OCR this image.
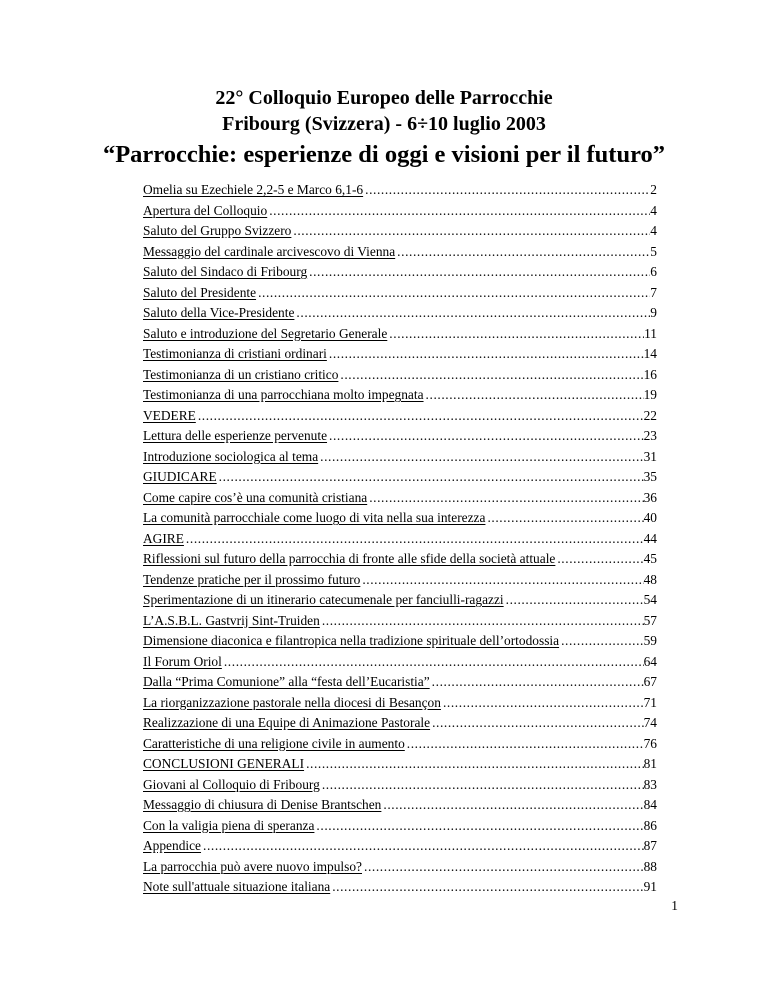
22° Colloquio Europeo delle Parrocchie
Fribourg (Svizzera) - 6÷10 luglio 2003
“Parrocchie: esperienze di oggi e visioni per il futuro”
Omelia su Ezechiele 2,2-5 e Marco 6,1-6 .....	2
Apertura del Colloquio .....	4
Saluto del Gruppo Svizzero .....	4
Messaggio del cardinale arcivescovo di Vienna .....	5
Saluto del Sindaco di Fribourg .....	6
Saluto del Presidente .....	7
Saluto della Vice-Presidente .....	9
Saluto e introduzione del Segretario Generale .....	11
Testimonianza di cristiani ordinari .....	14
Testimonianza di un cristiano critico .....	16
Testimonianza di una parrocchiana molto impegnata .....	19
VEDERE .....	22
Lettura delle esperienze pervenute .....	23
Introduzione sociologica al tema .....	31
GIUDICARE .....	35
Come capire cos’è una comunità cristiana .....	36
La comunità parrocchiale come luogo di vita nella sua interezza .....	40
AGIRE .....	44
Riflessioni sul futuro della parrocchia di fronte alle sfide della società attuale .....	45
Tendenze pratiche per il prossimo futuro .....	48
Sperimentazione di un itinerario catecumenale per fanciulli-ragazzi .....	54
L’A.S.B.L. Gastvrij Sint-Truiden .....	57
Dimensione diaconica e filantropica nella tradizione spirituale dell’ortodossia .....	59
Il Forum Oriol .....	64
Dalla “Prima Comunione” alla “festa dell’Eucaristia” .....	67
La riorganizzazione pastorale nella diocesi di Besançon .....	71
Realizzazione di una Equipe di Animazione Pastorale .....	74
Caratteristiche di una religione civile in aumento .....	76
CONCLUSIONI GENERALI .....	81
Giovani al Colloquio di Fribourg .....	83
Messaggio di chiusura di Denise Brantschen .....	84
Con la valigia piena di speranza .....	86
Appendice .....	87
La parrocchia può avere nuovo impulso? .....	88
Note sull'attuale situazione italiana .....	91
1
